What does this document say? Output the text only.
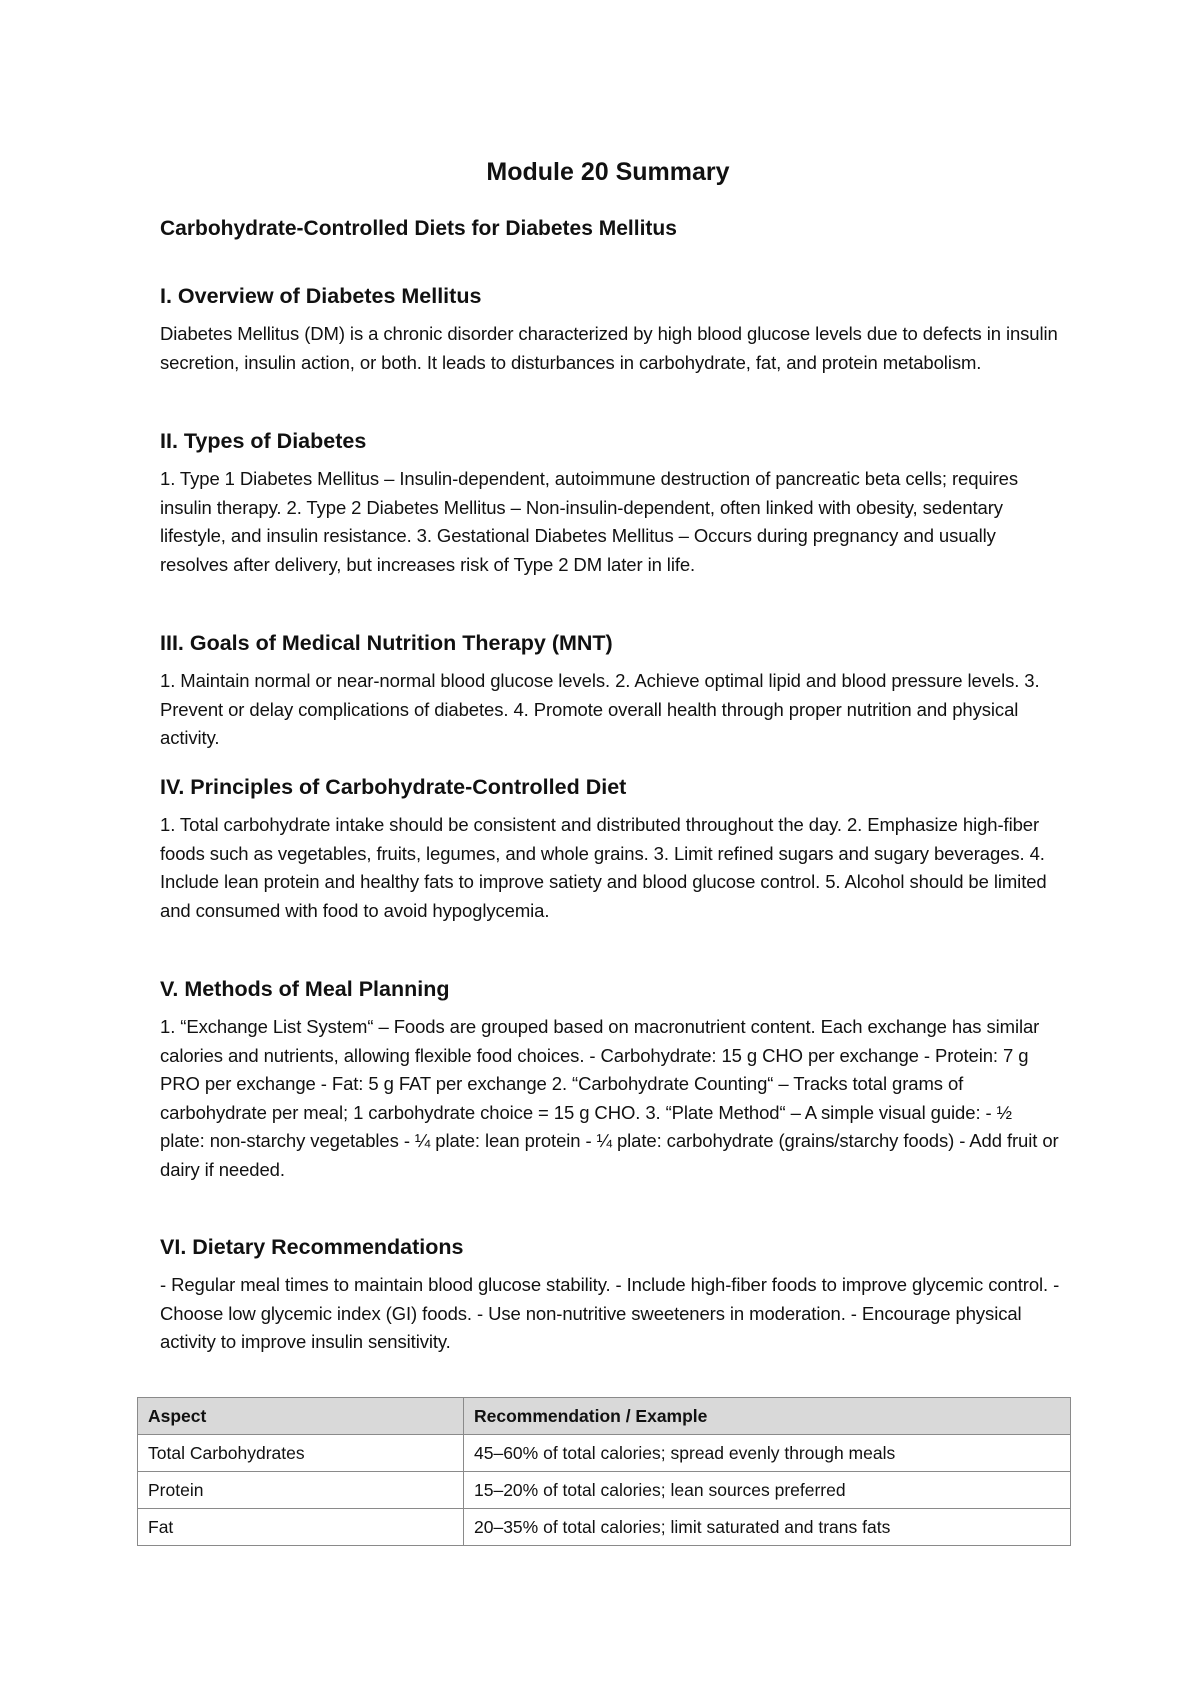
Module 20 Summary
Carbohydrate-Controlled Diets for Diabetes Mellitus
I. Overview of Diabetes Mellitus

Diabetes Mellitus (DM) is a chronic disorder characterized by high blood glucose levels due to defects in insulin secretion, insulin action, or both. It leads to disturbances in carbohydrate, fat, and protein metabolism.

II. Types of Diabetes

1. Type 1 Diabetes Mellitus – Insulin-dependent, autoimmune destruction of pancreatic beta cells; requires insulin therapy. 2. Type 2 Diabetes Mellitus – Non-insulin-dependent, often linked with obesity, sedentary lifestyle, and insulin resistance. 3. Gestational Diabetes Mellitus – Occurs during pregnancy and usually resolves after delivery, but increases risk of Type 2 DM later in life.

III. Goals of Medical Nutrition Therapy (MNT)

1. Maintain normal or near-normal blood glucose levels. 2. Achieve optimal lipid and blood pressure levels. 3. Prevent or delay complications of diabetes. 4. Promote overall health through proper nutrition and physical activity.

IV. Principles of Carbohydrate-Controlled Diet

1. Total carbohydrate intake should be consistent and distributed throughout the day. 2. Emphasize high-fiber foods such as vegetables, fruits, legumes, and whole grains. 3. Limit refined sugars and sugary beverages. 4. Include lean protein and healthy fats to improve satiety and blood glucose control. 5. Alcohol should be limited and consumed with food to avoid hypoglycemia.

V. Methods of Meal Planning

1. “Exchange List System“ – Foods are grouped based on macronutrient content. Each exchange has similar calories and nutrients, allowing flexible food choices. - Carbohydrate: 15 g CHO per exchange - Protein: 7 g PRO per exchange - Fat: 5 g FAT per exchange 2. “Carbohydrate Counting“ – Tracks total grams of carbohydrate per meal; 1 carbohydrate choice = 15 g CHO. 3. “Plate Method“ – A simple visual guide: - ½ plate: non-starchy vegetables - ¼ plate: lean protein - ¼ plate: carbohydrate (grains/starchy foods) - Add fruit or dairy if needed.

VI. Dietary Recommendations

- Regular meal times to maintain blood glucose stability. - Include high-fiber foods to improve glycemic control. - Choose low glycemic index (GI) foods. - Use non-nutritive sweeteners in moderation. - Encourage physical activity to improve insulin sensitivity.

Aspect	Recommendation / Example
Total Carbohydrates	45–60% of total calories; spread evenly through meals
Protein	15–20% of total calories; lean sources preferred
Fat	20–35% of total calories; limit saturated and trans fats
